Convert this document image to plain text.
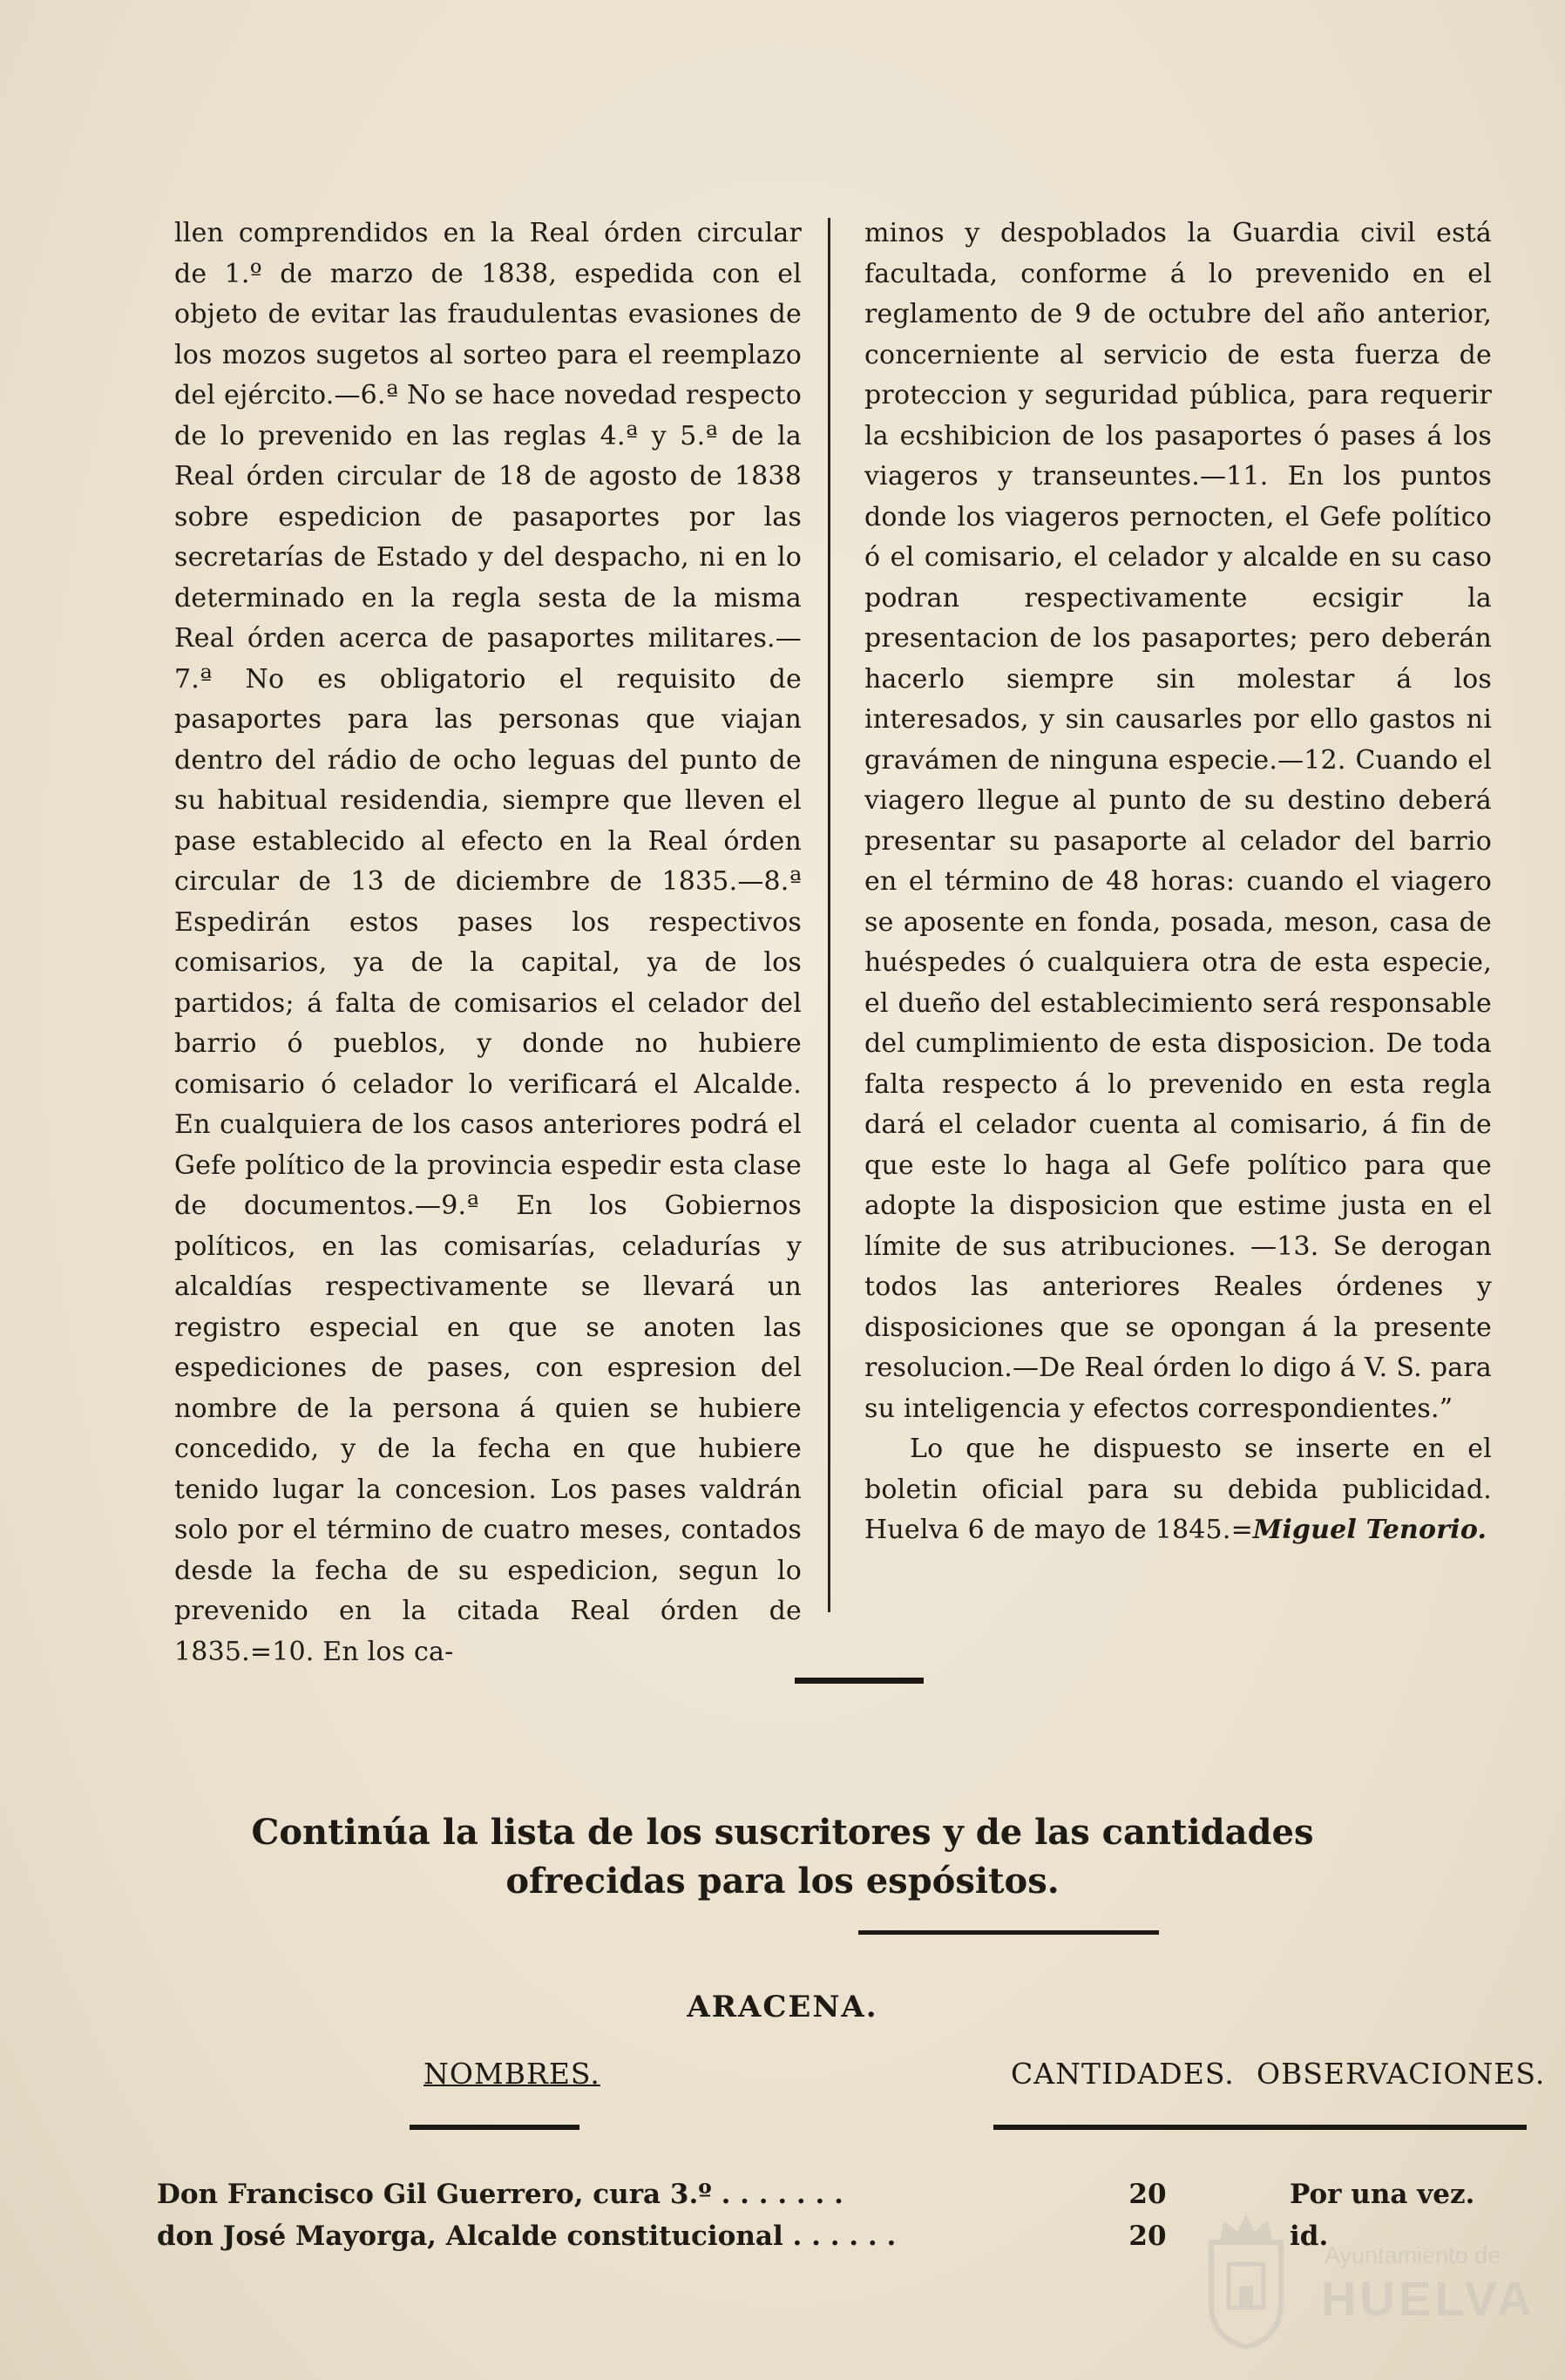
llen comprendidos en la Real órden circular de 1.º de marzo de 1838, espedida con el objeto de evitar las fraudulentas evasiones de los mozos sugetos al sorteo para el reemplazo del ejército.—6.ª No se hace novedad respecto de lo prevenido en las reglas 4.ª y 5.ª de la Real órden circular de 18 de agosto de 1838 sobre espedicion de pasaportes por las secretarías de Estado y del despacho, ni en lo determinado en la regla sesta de la misma Real órden acerca de pasaportes militares.—7.ª No es obligatorio el requisito de pasaportes para las personas que viajan dentro del rádio de ocho leguas del punto de su habitual residendia, siempre que lleven el pase establecido al efecto en la Real órden circular de 13 de diciembre de 1835.—8.ª Espedirán estos pases los respectivos comisarios, ya de la capital, ya de los partidos; á falta de comisarios el celador del barrio ó pueblos, y donde no hubiere comisario ó celador lo verificará el Alcalde. En cualquiera de los casos anteriores podrá el Gefe político de la provincia espedir esta clase de documentos.—9.ª En los Gobiernos políticos, en las comisarías, celadurías y alcaldías respectivamente se llevará un registro especial en que se anoten las espediciones de pases, con espresion del nombre de la persona á quien se hubiere concedido, y de la fecha en que hubiere tenido lugar la concesion. Los pases valdrán solo por el término de cuatro meses, contados desde la fecha de su espedicion, segun lo prevenido en la citada Real órden de 1835.=10. En los ca-

minos y despoblados la Guardia civil está facultada, conforme á lo prevenido en el reglamento de 9 de octubre del año anterior, concerniente al servicio de esta fuerza de proteccion y seguridad pública, para requerir la ecshibicion de los pasaportes ó pases á los viageros y transeuntes.—11. En los puntos donde los viageros pernocten, el Gefe político ó el comisario, el celador y alcalde en su caso podran respectivamente ecsigir la presentacion de los pasaportes; pero deberán hacerlo siempre sin molestar á los interesados, y sin causarles por ello gastos ni gravámen de ninguna especie.—12. Cuando el viagero llegue al punto de su destino deberá presentar su pasaporte al celador del barrio en el término de 48 horas: cuando el viagero se aposente en fonda, posada, meson, casa de huéspedes ó cualquiera otra de esta especie, el dueño del establecimiento será responsable del cumplimiento de esta disposicion. De toda falta respecto á lo prevenido en esta regla dará el celador cuenta al comisario, á fin de que este lo haga al Gefe político para que adopte la disposicion que estime justa en el límite de sus atribuciones. —13. Se derogan todos las anteriores Reales órdenes y disposiciones que se opongan á la presente resolucion.—De Real órden lo digo á V. S. para su inteligencia y efectos correspondientes.”

Lo que he dispuesto se inserte en el boletin oficial para su debida publicidad. Huelva 6 de mayo de 1845.=Miguel Tenorio.

Continúa la lista de los suscritores y de las cantidades ofrecidas para los espósitos.
ARACENA.
NOMBRES.	CANTIDADES. OBSERVACIONES.
Don Francisco Gil Guerrero, cura 3.º . . . . . . .	20	Por una vez.
don José Mayorga, Alcalde constitucional . . . . . .	20	id.
Ayuntamiento de
HUELVA
